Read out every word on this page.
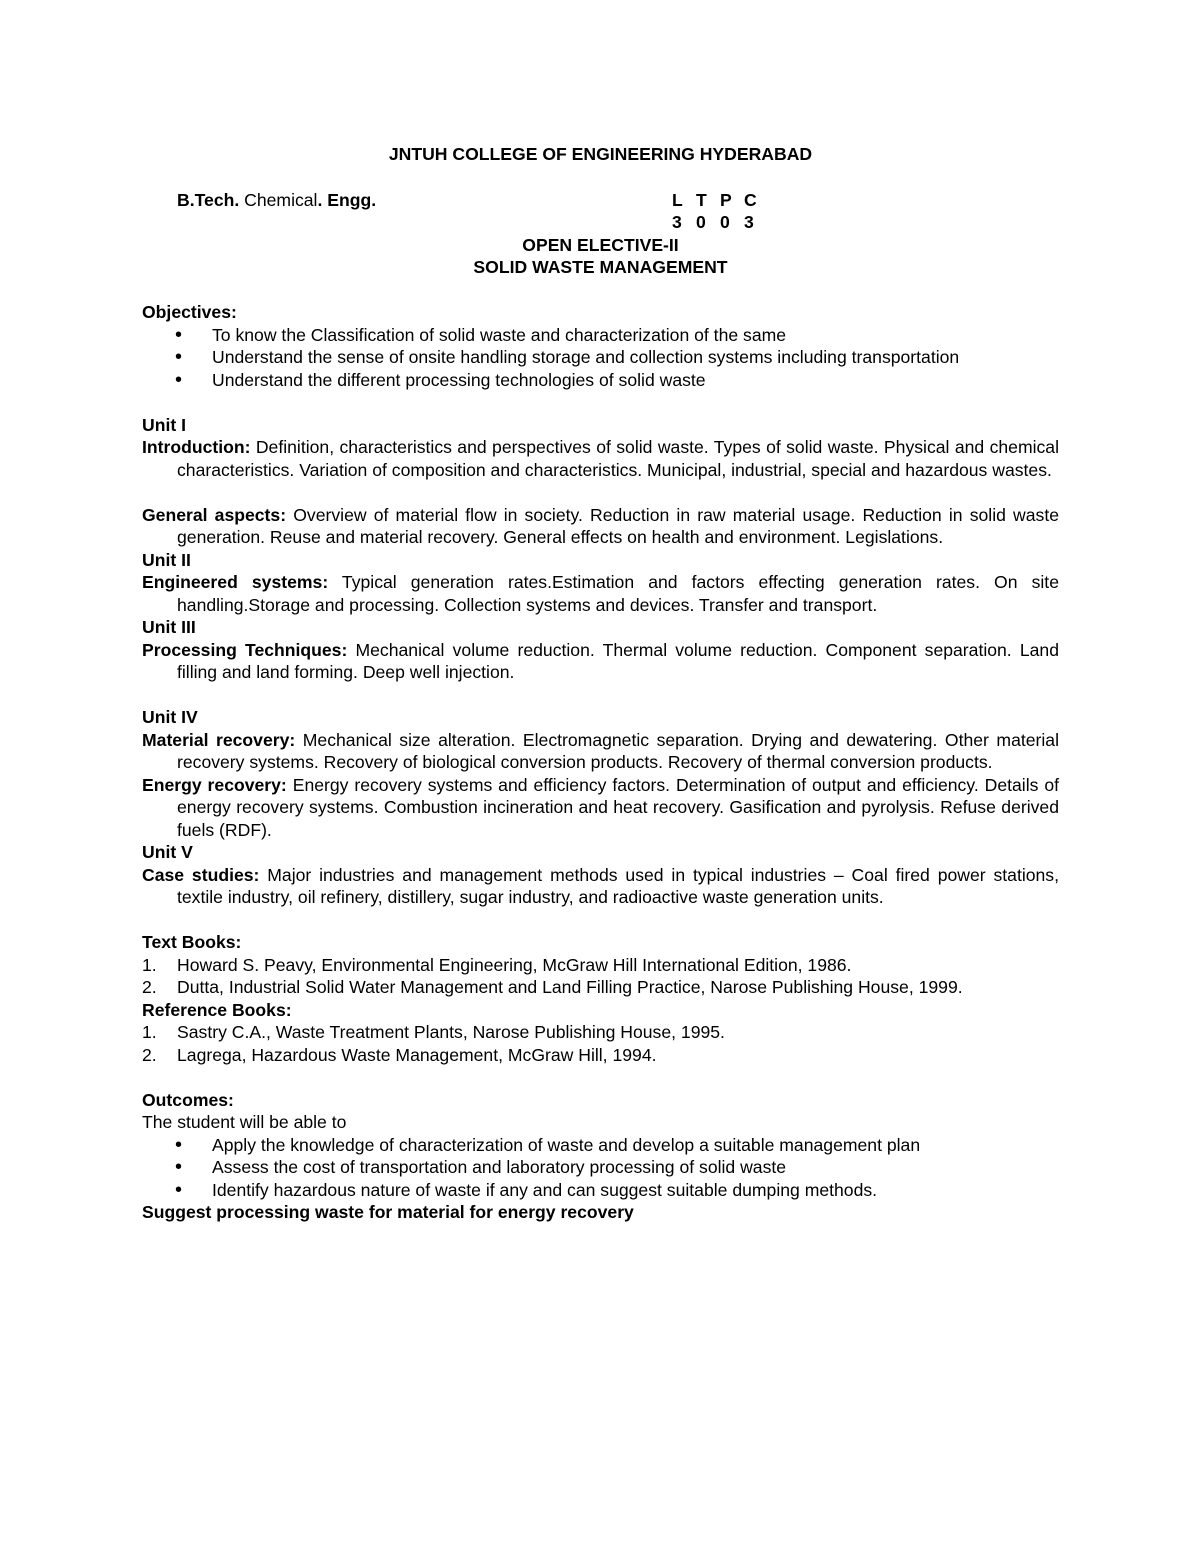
JNTUH COLLEGE OF ENGINEERING HYDERABAD
B.Tech. Chemical. Engg.	L T P C
3 0 0 3
OPEN ELECTIVE-II
SOLID WASTE MANAGEMENT
Objectives:
• To know the Classification of solid waste and characterization of the same
• Understand the sense of onsite handling storage and collection systems including transportation
• Understand the different processing technologies of solid waste
Unit I
Introduction: Definition, characteristics and perspectives of solid waste. Types of solid waste. Physical and chemical characteristics. Variation of composition and characteristics. Municipal, industrial, special and hazardous wastes.
General aspects: Overview of material flow in society. Reduction in raw material usage. Reduction in solid waste generation. Reuse and material recovery. General effects on health and environment. Legislations.
Unit II
Engineered systems: Typical generation rates.Estimation and factors effecting generation rates. On site handling.Storage and processing. Collection systems and devices. Transfer and transport.
Unit III
Processing Techniques: Mechanical volume reduction. Thermal volume reduction. Component separation. Land filling and land forming. Deep well injection.
Unit IV
Material recovery: Mechanical size alteration. Electromagnetic separation. Drying and dewatering. Other material recovery systems. Recovery of biological conversion products. Recovery of thermal conversion products.
Energy recovery: Energy recovery systems and efficiency factors. Determination of output and efficiency. Details of energy recovery systems. Combustion incineration and heat recovery. Gasification and pyrolysis. Refuse derived fuels (RDF).
Unit V
Case studies: Major industries and management methods used in typical industries – Coal fired power stations, textile industry, oil refinery, distillery, sugar industry, and radioactive waste generation units.
Text Books:
1. Howard S. Peavy, Environmental Engineering, McGraw Hill International Edition, 1986.
2. Dutta, Industrial Solid Water Management and Land Filling Practice, Narose Publishing House, 1999.
Reference Books:
1. Sastry C.A., Waste Treatment Plants, Narose Publishing House, 1995.
2. Lagrega, Hazardous Waste Management, McGraw Hill, 1994.
Outcomes:
The student will be able to
• Apply the knowledge of characterization of waste and develop a suitable management plan
• Assess the cost of transportation and laboratory processing of solid waste
• Identify hazardous nature of waste if any and can suggest suitable dumping methods.
Suggest processing waste for material for energy recovery
